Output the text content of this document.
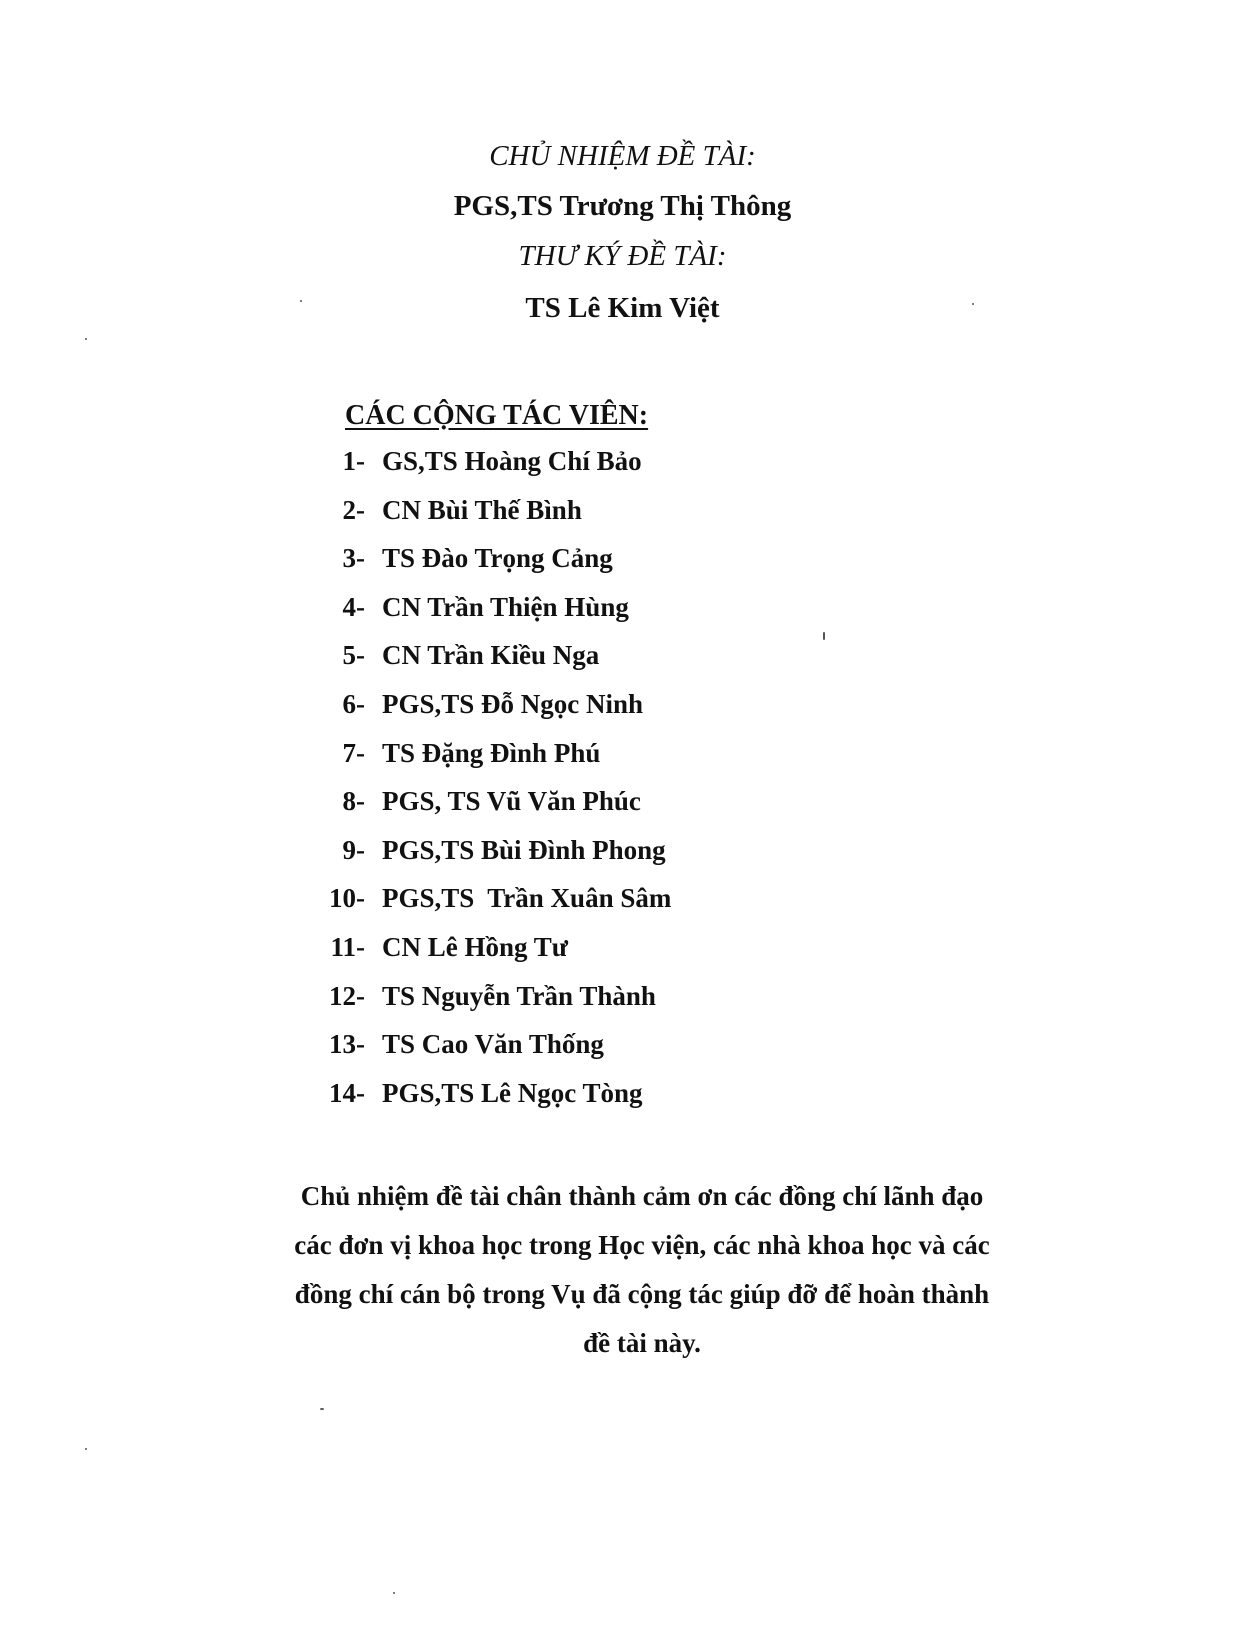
CHỦ NHIỆM ĐỀ TÀI:
PGS,TS Trương Thị Thông
THƯ KÝ ĐỀ TÀI:
TS Lê Kim Việt
CÁC CỘNG TÁC VIÊN:
1- GS,TS Hoàng Chí Bảo
2- CN Bùi Thế Bình
3- TS Đào Trọng Cảng
4- CN Trần Thiện Hùng
5- CN Trần Kiều Nga
6- PGS,TS Đỗ Ngọc Ninh
7- TS Đặng Đình Phú
8- PGS, TS Vũ Văn Phúc
9- PGS,TS Bùi Đình Phong
10- PGS,TS  Trần Xuân Sâm
11- CN Lê Hồng Tư
12- TS Nguyễn Trần Thành
13- TS Cao Văn Thống
14- PGS,TS Lê Ngọc Tòng
Chủ nhiệm đề tài chân thành cảm ơn các đồng chí lãnh đạo các đơn vị khoa học trong Học viện, các nhà khoa học và các đồng chí cán bộ trong Vụ đã cộng tác giúp đỡ để hoàn thành đề tài này.
